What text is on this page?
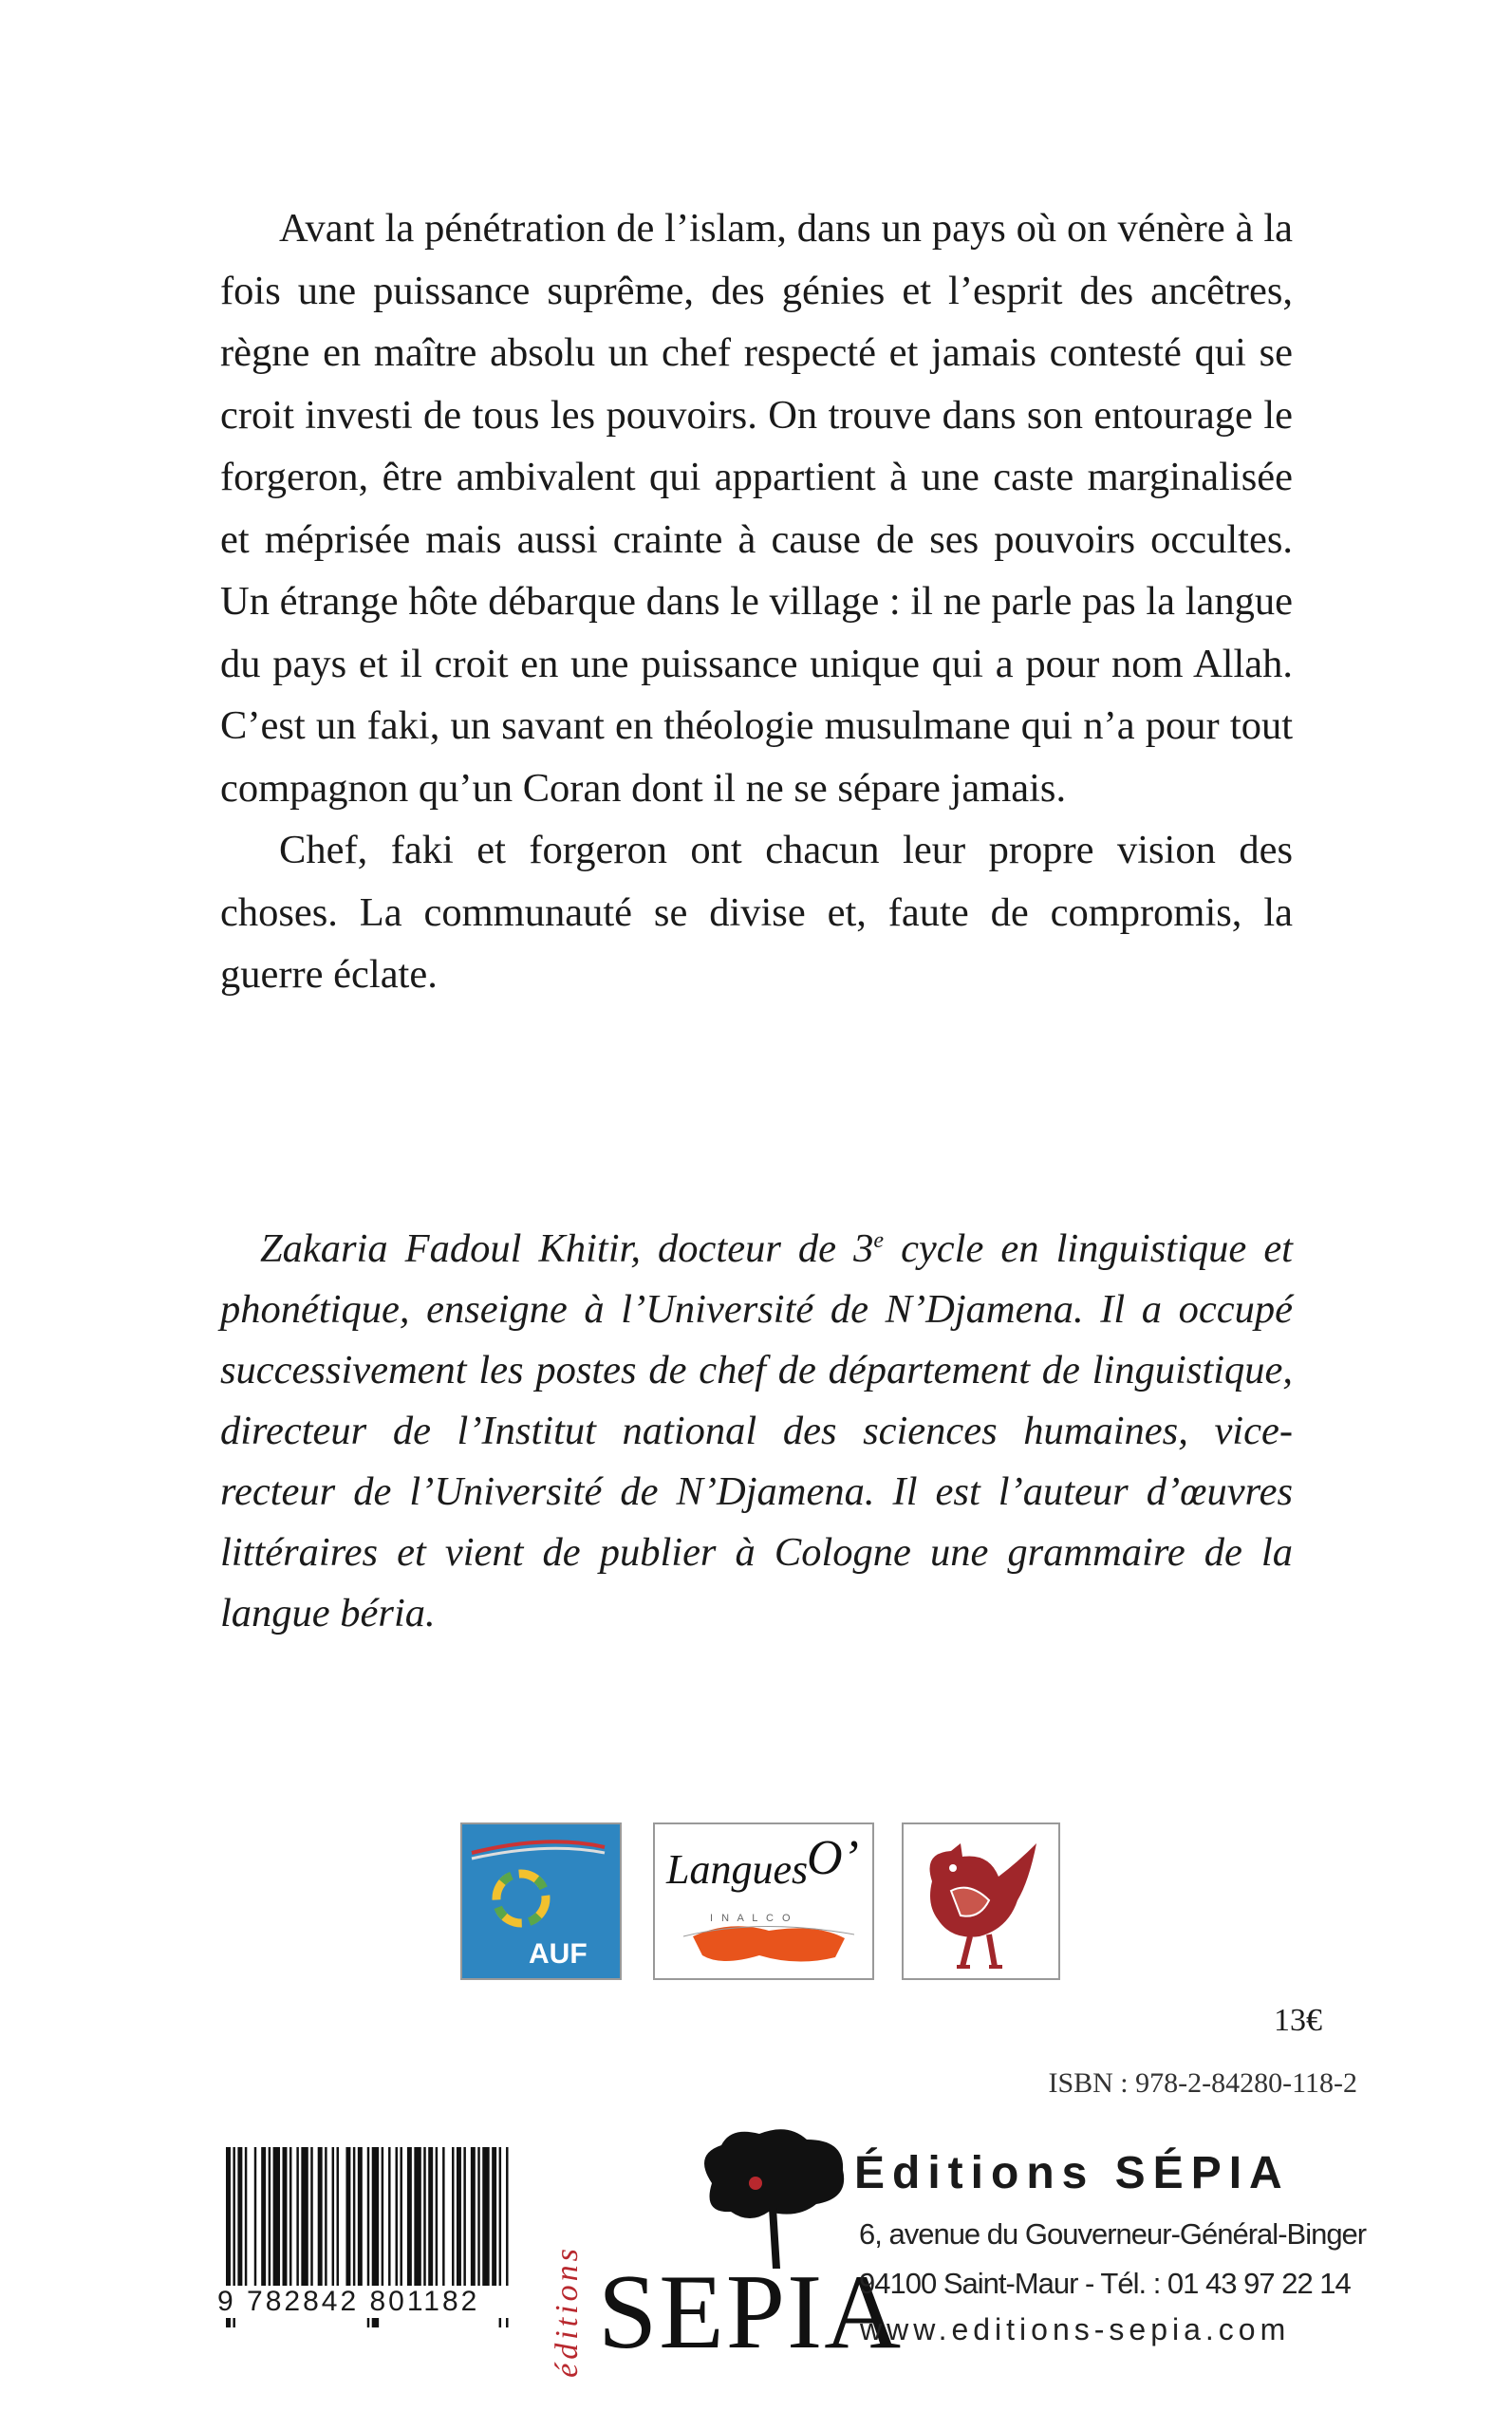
Avant la pénétration de l’islam, dans un pays où on vénère à la fois une puissance suprême, des génies et l’esprit des ancêtres, règne en maître absolu un chef respecté et jamais contesté qui se croit investi de tous les pouvoirs. On trouve dans son entourage le forgeron, être ambivalent qui appartient à une caste marginalisée et méprisée mais aussi crainte à cause de ses pouvoirs occultes. Un étrange hôte débarque dans le village : il ne parle pas la langue du pays et il croit en une puissance unique qui a pour nom Allah. C’est un faki, un savant en théologie musulmane qui n’a pour tout compagnon qu’un Coran dont il ne se sépare jamais.

Chef, faki et forgeron ont chacun leur propre vision des choses. La communauté se divise et, faute de compromis, la guerre éclate.

Zakaria Fadoul Khitir, docteur de 3e cycle en linguistique et phonétique, enseigne à l’Université de N’Djamena. Il a occupé successivement les postes de chef de département de linguistique, directeur de l’Institut national des sciences humaines, vice-recteur de l’Université de N’Djamena. Il est l’auteur d’œuvres littéraires et vient de publier à Cologne une grammaire de la langue béria.

AUF
Langues
O’
I N A L C O
13€
ISBN : 978-2-84280-118-2
9 782842 801182	éditions SEPIA
Éditions SÉPIA
6, avenue du Gouverneur-Général-Binger
94100 Saint-Maur - Tél. : 01 43 97 22 14
www.editions-sepia.com
